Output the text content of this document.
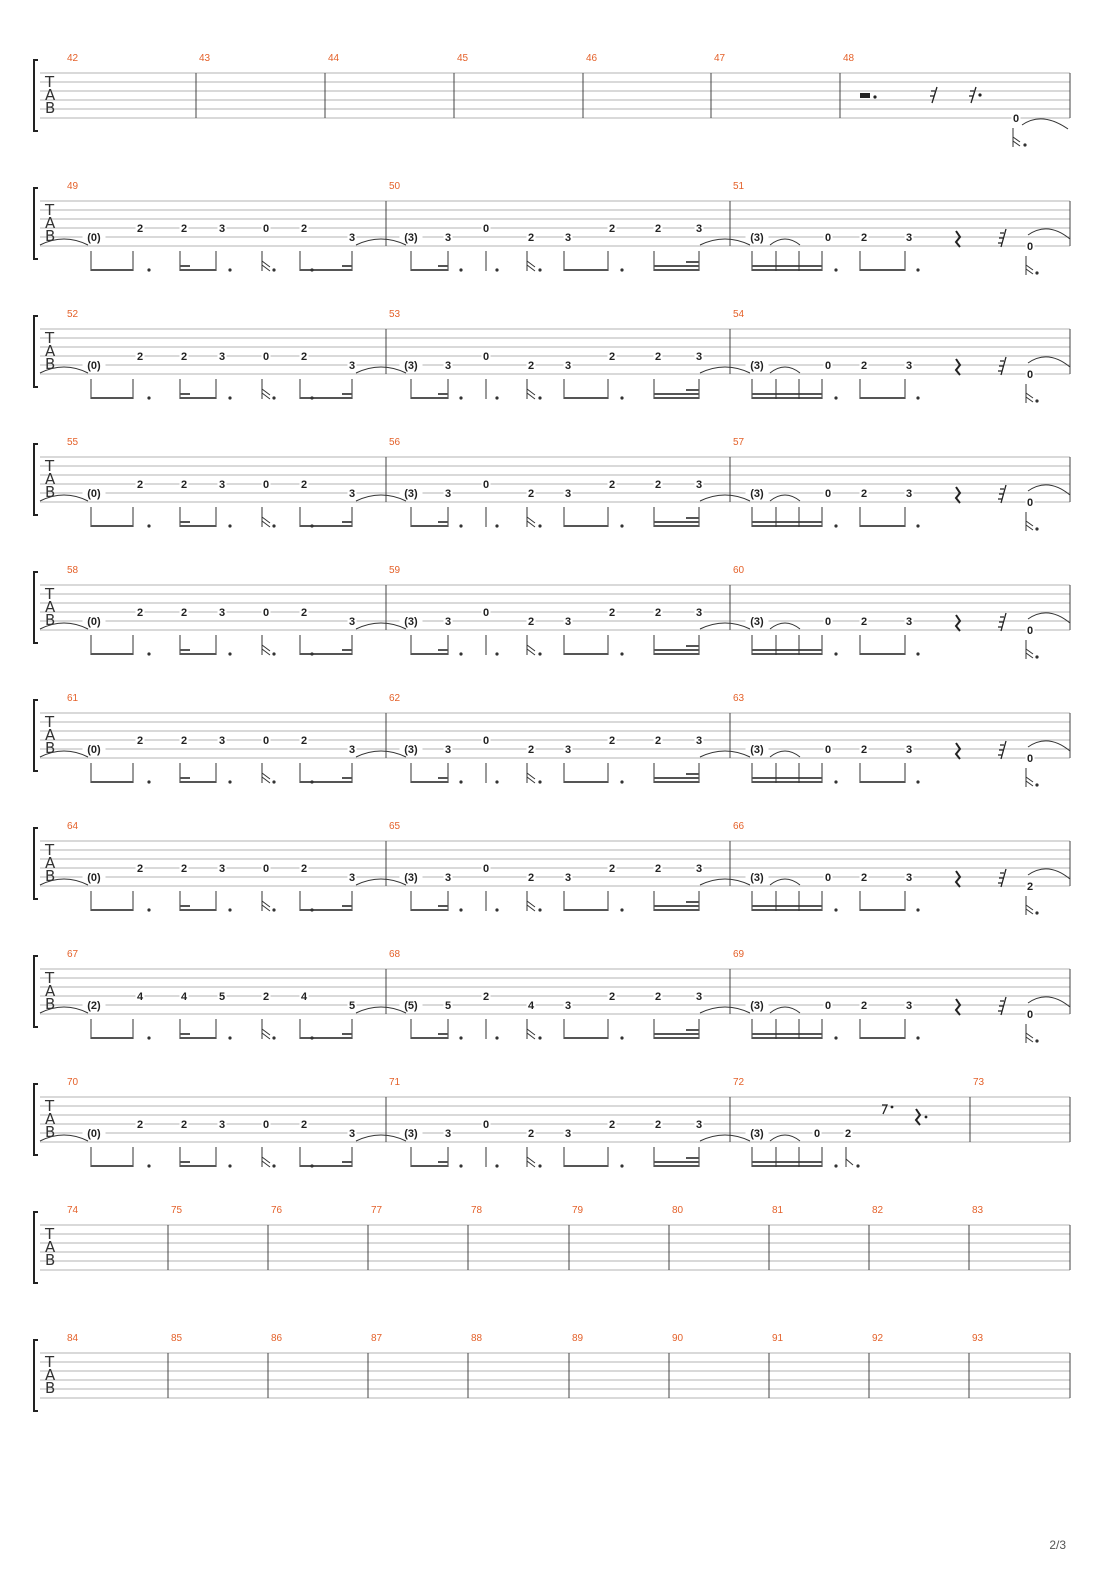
T
A
B
42	43	44	45	46	47	48
0
T
A
B
49	50	51
(0)
2	2	3	0	2
3	(3) 3
0
2	3
2	2	3
(3)	0	2	3
0
T
A
B
52	53	54
(0)
2	2	3	0	2
3	(3) 3
0
2	3
2	2	3
(3)	0	2	3
0
T
A
B
55	56	57
(0)
2	2	3	0	2
3	(3) 3
0
2	3
2	2	3
(3)	0	2	3
0
T
A
B
58	59	60
(0)
2	2	3	0	2
3	(3) 3
0
2	3
2	2	3
(3)	0	2	3
0
T
A
B
61	62	63
(0)
2	2	3	0	2
3	(3) 3
0
2	3
2	2	3
(3)	0	2	3
0
T
A
B
64	65	66
(0)
2	2	3	0	2
3	(3) 3
0
2	3
2	2	3
(3)	0	2	3
2
T
A
B
67	68	69
(2)
4	4	5	2	4
5	(5) 5
2
4	3
2	2	3
(3)	0	2	3
0
T
A
B
70	71	72	73
(0)
2	2	3	0	2
3	(3) 3
0
2	3
2	2	3
(3)	0 2
T
A
B
74	75	76	77	78	79	80	81	82	83
T
A
B
84	85	86	87	88	89	90	91	92	93
2/3
